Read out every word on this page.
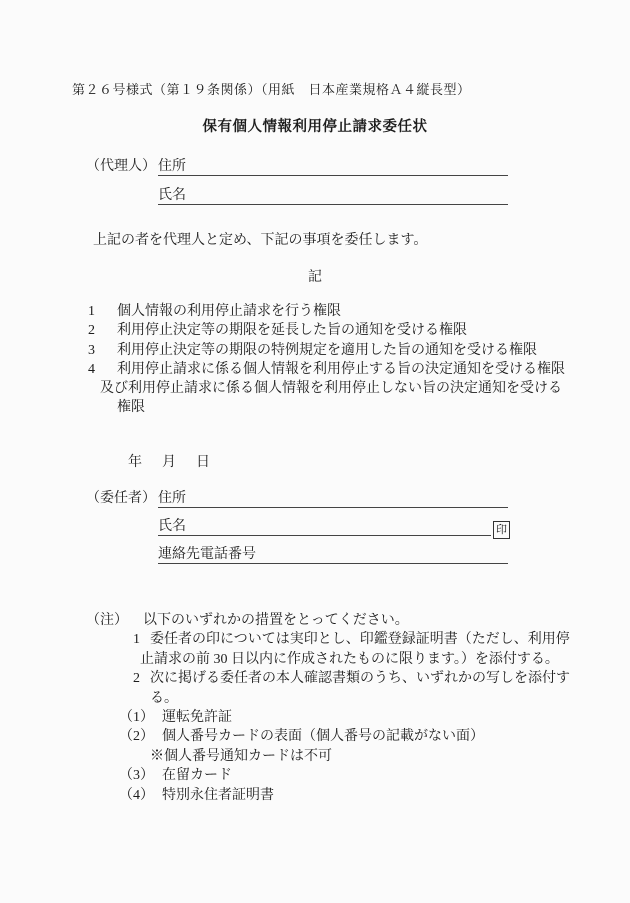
第２６号様式（第１９条関係）（用紙　日本産業規格Ａ４縦長型）
保有個人情報利用停止請求委任状
（代理人） 住所
氏名

上記の者を代理人と定め、下記の事項を委任します。

記
1 個人情報の利用停止請求を行う権限
2 利用停止決定等の期限を延長した旨の通知を受ける権限
3 利用停止決定等の期限の特例規定を適用した旨の通知を受ける権限
4 利用停止請求に係る個人情報を利用停止する旨の決定通知を受ける権限
及び利用停止請求に係る個人情報を利用停止しない旨の決定通知を受ける
権限
年　月　日
（委任者） 住所
氏名	印
連絡先電話番号
（注） 以下のいずれかの措置をとってください。
1 委任者の印については実印とし、印鑑登録証明書（ただし、利用停
止請求の前 30 日以内に作成されたものに限ります。）を添付する。
2 次に掲げる委任者の本人確認書類のうち、いずれかの写しを添付す
る。
（1） 運転免許証
（2） 個人番号カードの表面（個人番号の記載がない面）
※個人番号通知カードは不可
（3） 在留カード
（4） 特別永住者証明書
